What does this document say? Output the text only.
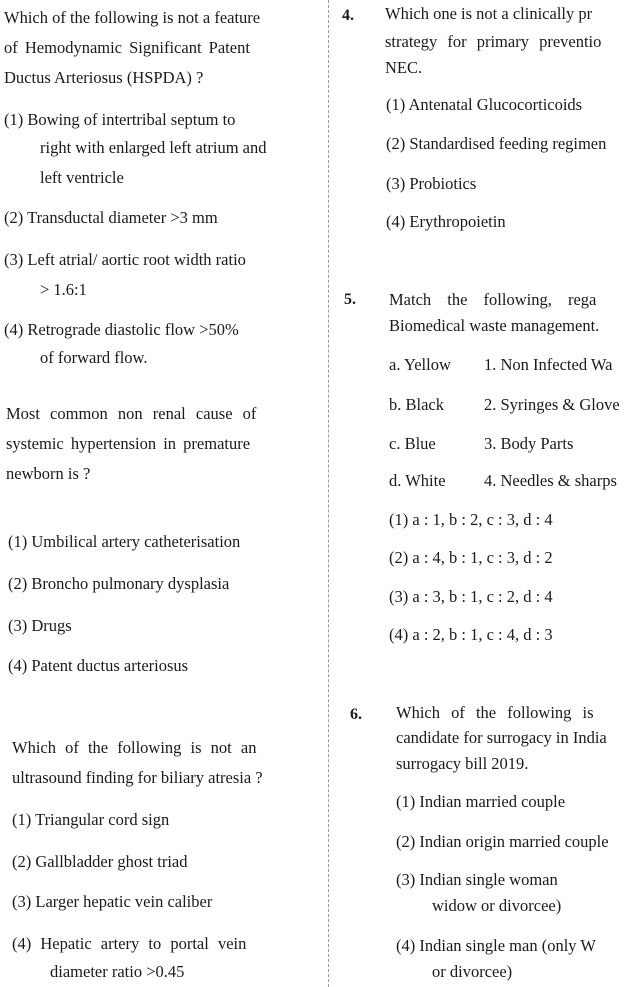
Which of the following is not a feature
of Hemodynamic Significant Patent
Ductus Arteriosus (HSPDA) ?
(1) Bowing of intertribal septum to
right with enlarged left atrium and
left ventricle
(2) Transductal diameter >3 mm
(3) Left atrial/ aortic root width ratio
> 1.6:1
(4) Retrograde diastolic flow >50%
of forward flow.
Most common non renal cause of
systemic hypertension in premature
newborn is ?
(1) Umbilical artery catheterisation
(2) Broncho pulmonary dysplasia
(3) Drugs
(4) Patent ductus arteriosus
Which of the following is not an
ultrasound finding for biliary atresia ?
(1) Triangular cord sign
(2) Gallbladder ghost triad
(3) Larger hepatic vein caliber
(4) Hepatic artery to portal vein
diameter ratio >0.45
4. Which one is not a clinically pr
strategy for primary preventio
NEC.
(1) Antenatal Glucocorticoids
(2) Standardised feeding regimen
(3) Probiotics
(4) Erythropoietin
5. Match the following, rega
Biomedical waste management.
a. Yellow 1. Non Infected Wa
b. Black 2. Syringes & Glove
c. Blue	3. Body Parts
d. White 4. Needles & sharps
(1) a : 1, b : 2, c : 3, d : 4
(2) a : 4, b : 1, c : 3, d : 2
(3) a : 3, b : 1, c : 2, d : 4
(4) a : 2, b : 1, c : 4, d : 3
6. Which of the following is
candidate for surrogacy in India
surrogacy bill 2019.
(1) Indian married couple
(2) Indian origin married couple
(3) Indian single woman
widow or divorcee)
(4) Indian single man (only W
or divorcee)
